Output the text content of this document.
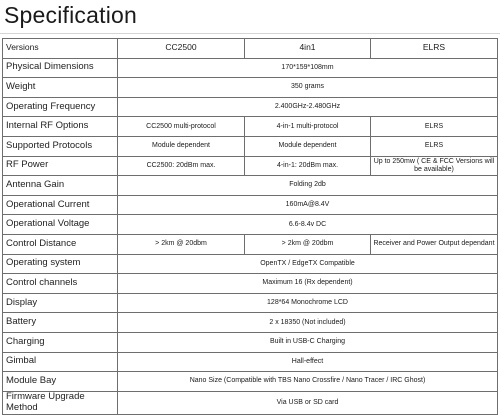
Specification
Versions	CC2500	4in1	ELRS
Physical Dimensions	170*159*108mm		
Weight	350 grams		
Operating Frequency	2.400GHz-2.480GHz		
Internal RF Options	CC2500 multi-protocol	4-in-1 multi-protocol	ELRS
Supported Protocols	Module dependent	Module dependent	ELRS
RF Power	CC2500: 20dBm max.	4-in-1: 20dBm max.	Up to 250mw ( CE & FCC Versions will be available)
Antenna Gain	Folding 2db		
Operational Current	160mA@8.4V		
Operational Voltage	6.6-8.4v DC		
Control Distance	> 2km @ 20dbm	> 2km @ 20dbm	Receiver and Power Output dependant
Operating system	OpenTX / EdgeTX Compatible		
Control channels	Maximum 16 (Rx dependent)		
Display	128*64 Monochrome LCD		
Battery	2 x 18350 (Not included)		
Charging	Built in USB-C Charging		
Gimbal	Hall-effect		
Module Bay	Nano Size (Compatible with TBS Nano Crossfire / Nano Tracer / IRC Ghost)		
Firmware Upgrade Method	Via USB or SD card		
